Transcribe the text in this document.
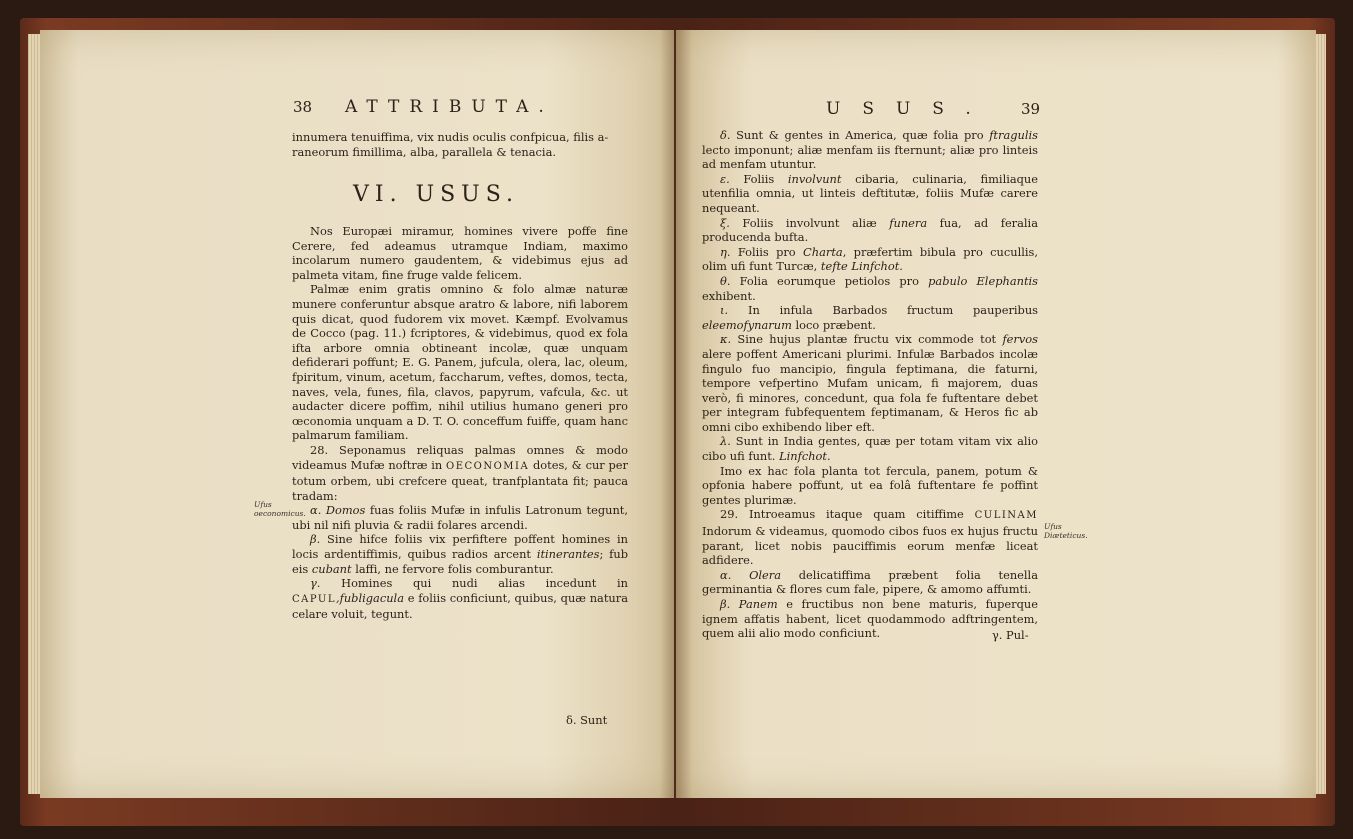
38 ATTRIBUTA.

innumera tenuiffima, vix nudis oculis confpicua, filis a-

raneorum fimillima, alba, parallela & tenacia.

VI. USUS.

Nos Europæi miramur, homines vivere poffe fine Cerere, fed adeamus utramque Indiam, maximo incolarum numero gaudentem, & videbimus ejus ad palmeta vitam, fine fruge valde felicem.

Palmæ enim gratis omnino & folo almæ naturæ munere conferuntur absque aratro & labore, nifi laborem quis dicat, quod fudorem vix movet. Kæmpf. Evolvamus de Cocco (pag. 11.) fcriptores, & videbimus, quod ex fola ifta arbore omnia obtineant incolæ, quæ unquam defiderari poffunt; E. G. Panem, jufcula, olera, lac, oleum, fpiritum, vinum, acetum, faccharum, veftes, domos, tecta, naves, vela, funes, fila, clavos, papyrum, vafcula, &c. ut audacter dicere poffim, nihil utilius humano generi pro œconomia unquam a D. T. O. conceffum fuiffe, quam hanc palmarum familiam.

28. Seponamus reliquas palmas omnes & modo videamus Mufæ noftræ in OECONOMIA dotes, & cur per totum orbem, ubi crefcere queat, tranfplantata fit; pauca tradam:

α. Domos fuas foliis Mufæ in infulis Latronum tegunt, ubi nil nifi pluvia & radii folares arcendi.

β. Sine hifce foliis vix perfiftere poffent homines in locis ardentiffimis, quibus radios arcent itinerantes; fub eis cubant laffi, ne fervore folis comburantur.

γ. Homines qui nudi alias incedunt in CAPUL,fubligacula e foliis conficiunt, quibus, quæ natura celare voluit, tegunt.

Ufus oeconomicus.
δ. Sunt
USUS. 39

δ. Sunt & gentes in America, quæ folia pro ftragulis lecto imponunt; aliæ menfam iis fternunt; aliæ pro linteis ad menfam utuntur.

ε. Foliis involvunt cibaria, culinaria, fimiliaque utenfilia omnia, ut linteis deftitutæ, foliis Mufæ carere nequeant.

ξ. Foliis involvunt aliæ funera fua, ad feralia producenda bufta.

η. Foliis pro Charta, præfertim bibula pro cucullis, olim ufi funt Turcæ, tefte Linfchot.

θ. Folia eorumque petiolos pro pabulo Elephantis exhibent.

ι. In infula Barbados fructum pauperibus eleemofynarum loco præbent.

κ. Sine hujus plantæ fructu vix commode tot fervos alere poffent Americani plurimi. Infulæ Barbados incolæ fingulo fuo mancipio, fingula feptimana, die faturni, tempore vefpertino Mufam unicam, fi majorem, duas verò, fi minores, concedunt, qua fola fe fuftentare debet per integram fubfequentem feptimanam, & Heros fic ab omni cibo exhibendo liber eft.

λ. Sunt in India gentes, quæ per totam vitam vix alio cibo ufi funt. Linfchot.

Imo ex hac fola planta tot fercula, panem, potum & opfonia habere poffunt, ut ea folâ fuftentare fe poffint gentes plurimæ.

29. Introeamus itaque quam citiffime CULINAM Indorum & videamus, quomodo cibos fuos ex hujus fructu parant, licet nobis pauciffimis eorum menfæ liceat adfidere.

α. Olera delicatiffima præbent folia tenella germinantia & flores cum fale, pipere, & amomo affumti.

β. Panem e fructibus non bene maturis, fuperque ignem affatis habent, licet quodammodo adftringentem, quem alii alio modo conficiunt.

Ufus Diæteticus.
γ. Pul-
